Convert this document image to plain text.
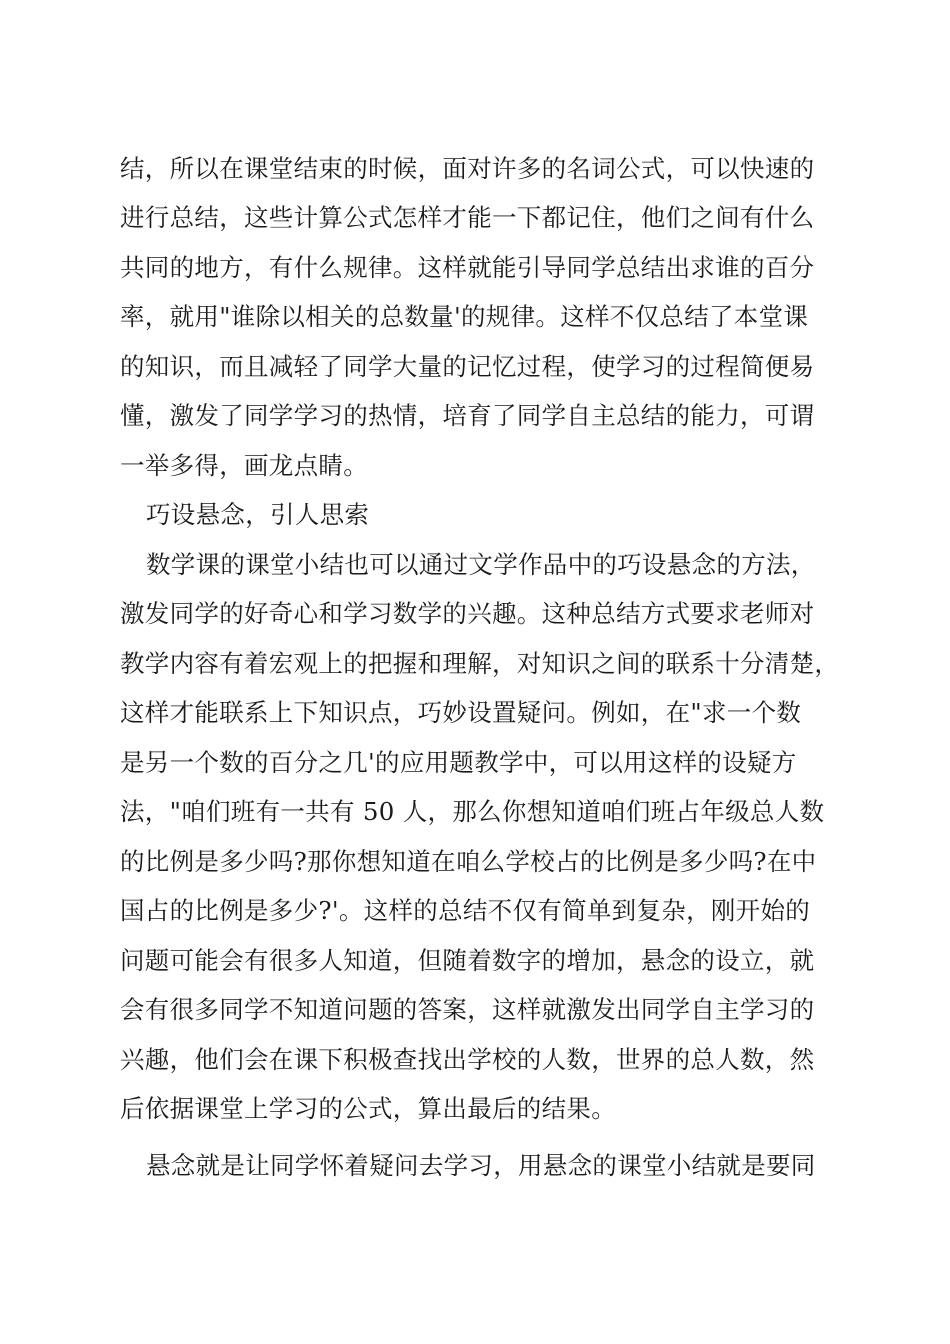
结，所以在课堂结束的时候，面对许多的名词公式，可以快速的
进行总结，这些计算公式怎样才能一下都记住，他们之间有什么
共同的地方，有什么规律。这样就能引导同学总结出求谁的百分
率，就用"谁除以相关的总数量'的规律。这样不仅总结了本堂课
的知识，而且减轻了同学大量的记忆过程，使学习的过程简便易
懂，激发了同学学习的热情，培育了同学自主总结的能力，可谓
一举多得，画龙点睛。
巧设悬念，引人思索
数学课的课堂小结也可以通过文学作品中的巧设悬念的方法，
激发同学的好奇心和学习数学的兴趣。这种总结方式要求老师对
教学内容有着宏观上的把握和理解，对知识之间的联系十分清楚，
这样才能联系上下知识点，巧妙设置疑问。例如，在"求一个数
是另一个数的百分之几'的应用题教学中，可以用这样的设疑方
法，"咱们班有一共有 50 人，那么你想知道咱们班占年级总人数
的比例是多少吗?那你想知道在咱么学校占的比例是多少吗?在中
国占的比例是多少?'。这样的总结不仅有简单到复杂，刚开始的
问题可能会有很多人知道，但随着数字的增加，悬念的设立，就
会有很多同学不知道问题的答案，这样就激发出同学自主学习的
兴趣，他们会在课下积极查找出学校的人数，世界的总人数，然
后依据课堂上学习的公式，算出最后的结果。
悬念就是让同学怀着疑问去学习，用悬念的课堂小结就是要同
